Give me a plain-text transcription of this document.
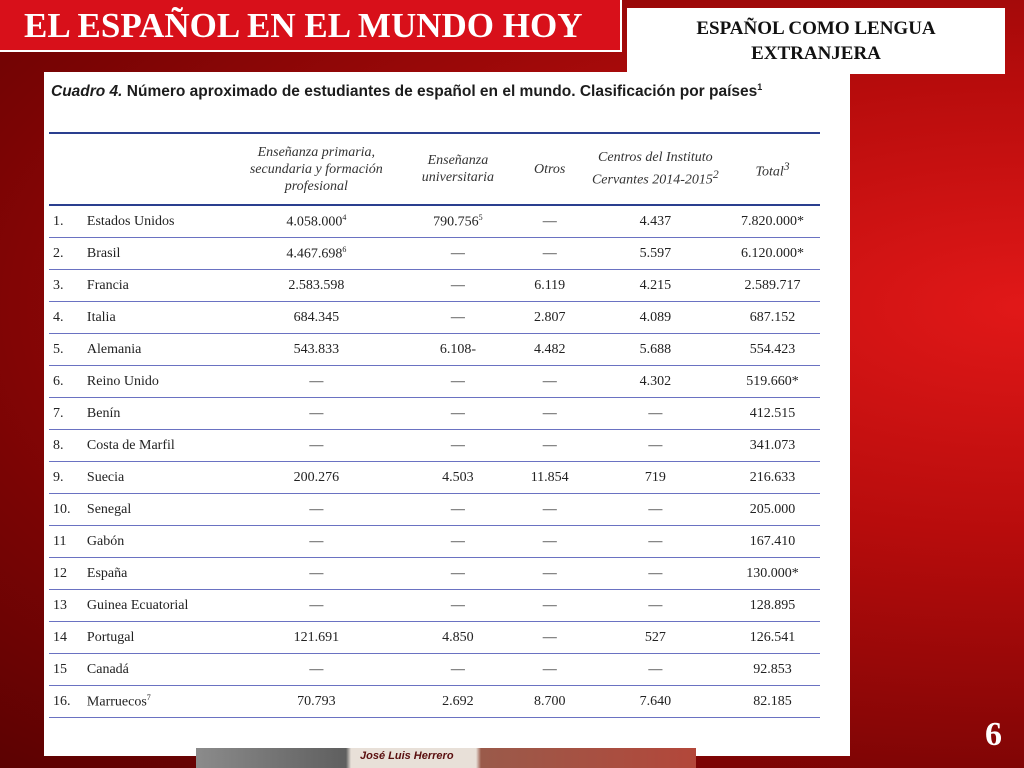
EL ESPAÑOL EN EL MUNDO HOY	ESPAÑOL COMO LENGUA EXTRANJERA
Cuadro 4. Número aproximado de estudiantes de español en el mundo. Clasificación por países$^1$
		Enseñanza primaria, secundaria y formación profesional	Enseñanza universitaria	Otros	Centros del Instituto Cervantes 2014-2015$^2$	Total$^3$
1.	Estados Unidos	4.058.000$^4$	790.756$^5$	—	4.437	7.820.000*
2.	Brasil	4.467.698$^6$	—	—	5.597	6.120.000*
3.	Francia	2.583.598	—	6.119	4.215	2.589.717
4.	Italia	684.345	—	2.807	4.089	687.152
5.	Alemania	543.833	6.108-	4.482	5.688	554.423
6.	Reino Unido	—	—	—	4.302	519.660*
7.	Benín	—	—	—	—	412.515
8.	Costa de Marfil	—	—	—	—	341.073
9.	Suecia	200.276	4.503	11.854	719	216.633
10.	Senegal	—	—	—	—	205.000
11	Gabón	—	—	—	—	167.410
12	España	—	—	—	—	130.000*
13	Guinea Ecuatorial	—	—	—	—	128.895
14	Portugal	121.691	4.850	—	527	126.541
15	Canadá	—	—	—	—	92.853
16.	Marruecos$^7$	70.793	2.692	8.700	7.640	82.185
José Luis Herrero
6
